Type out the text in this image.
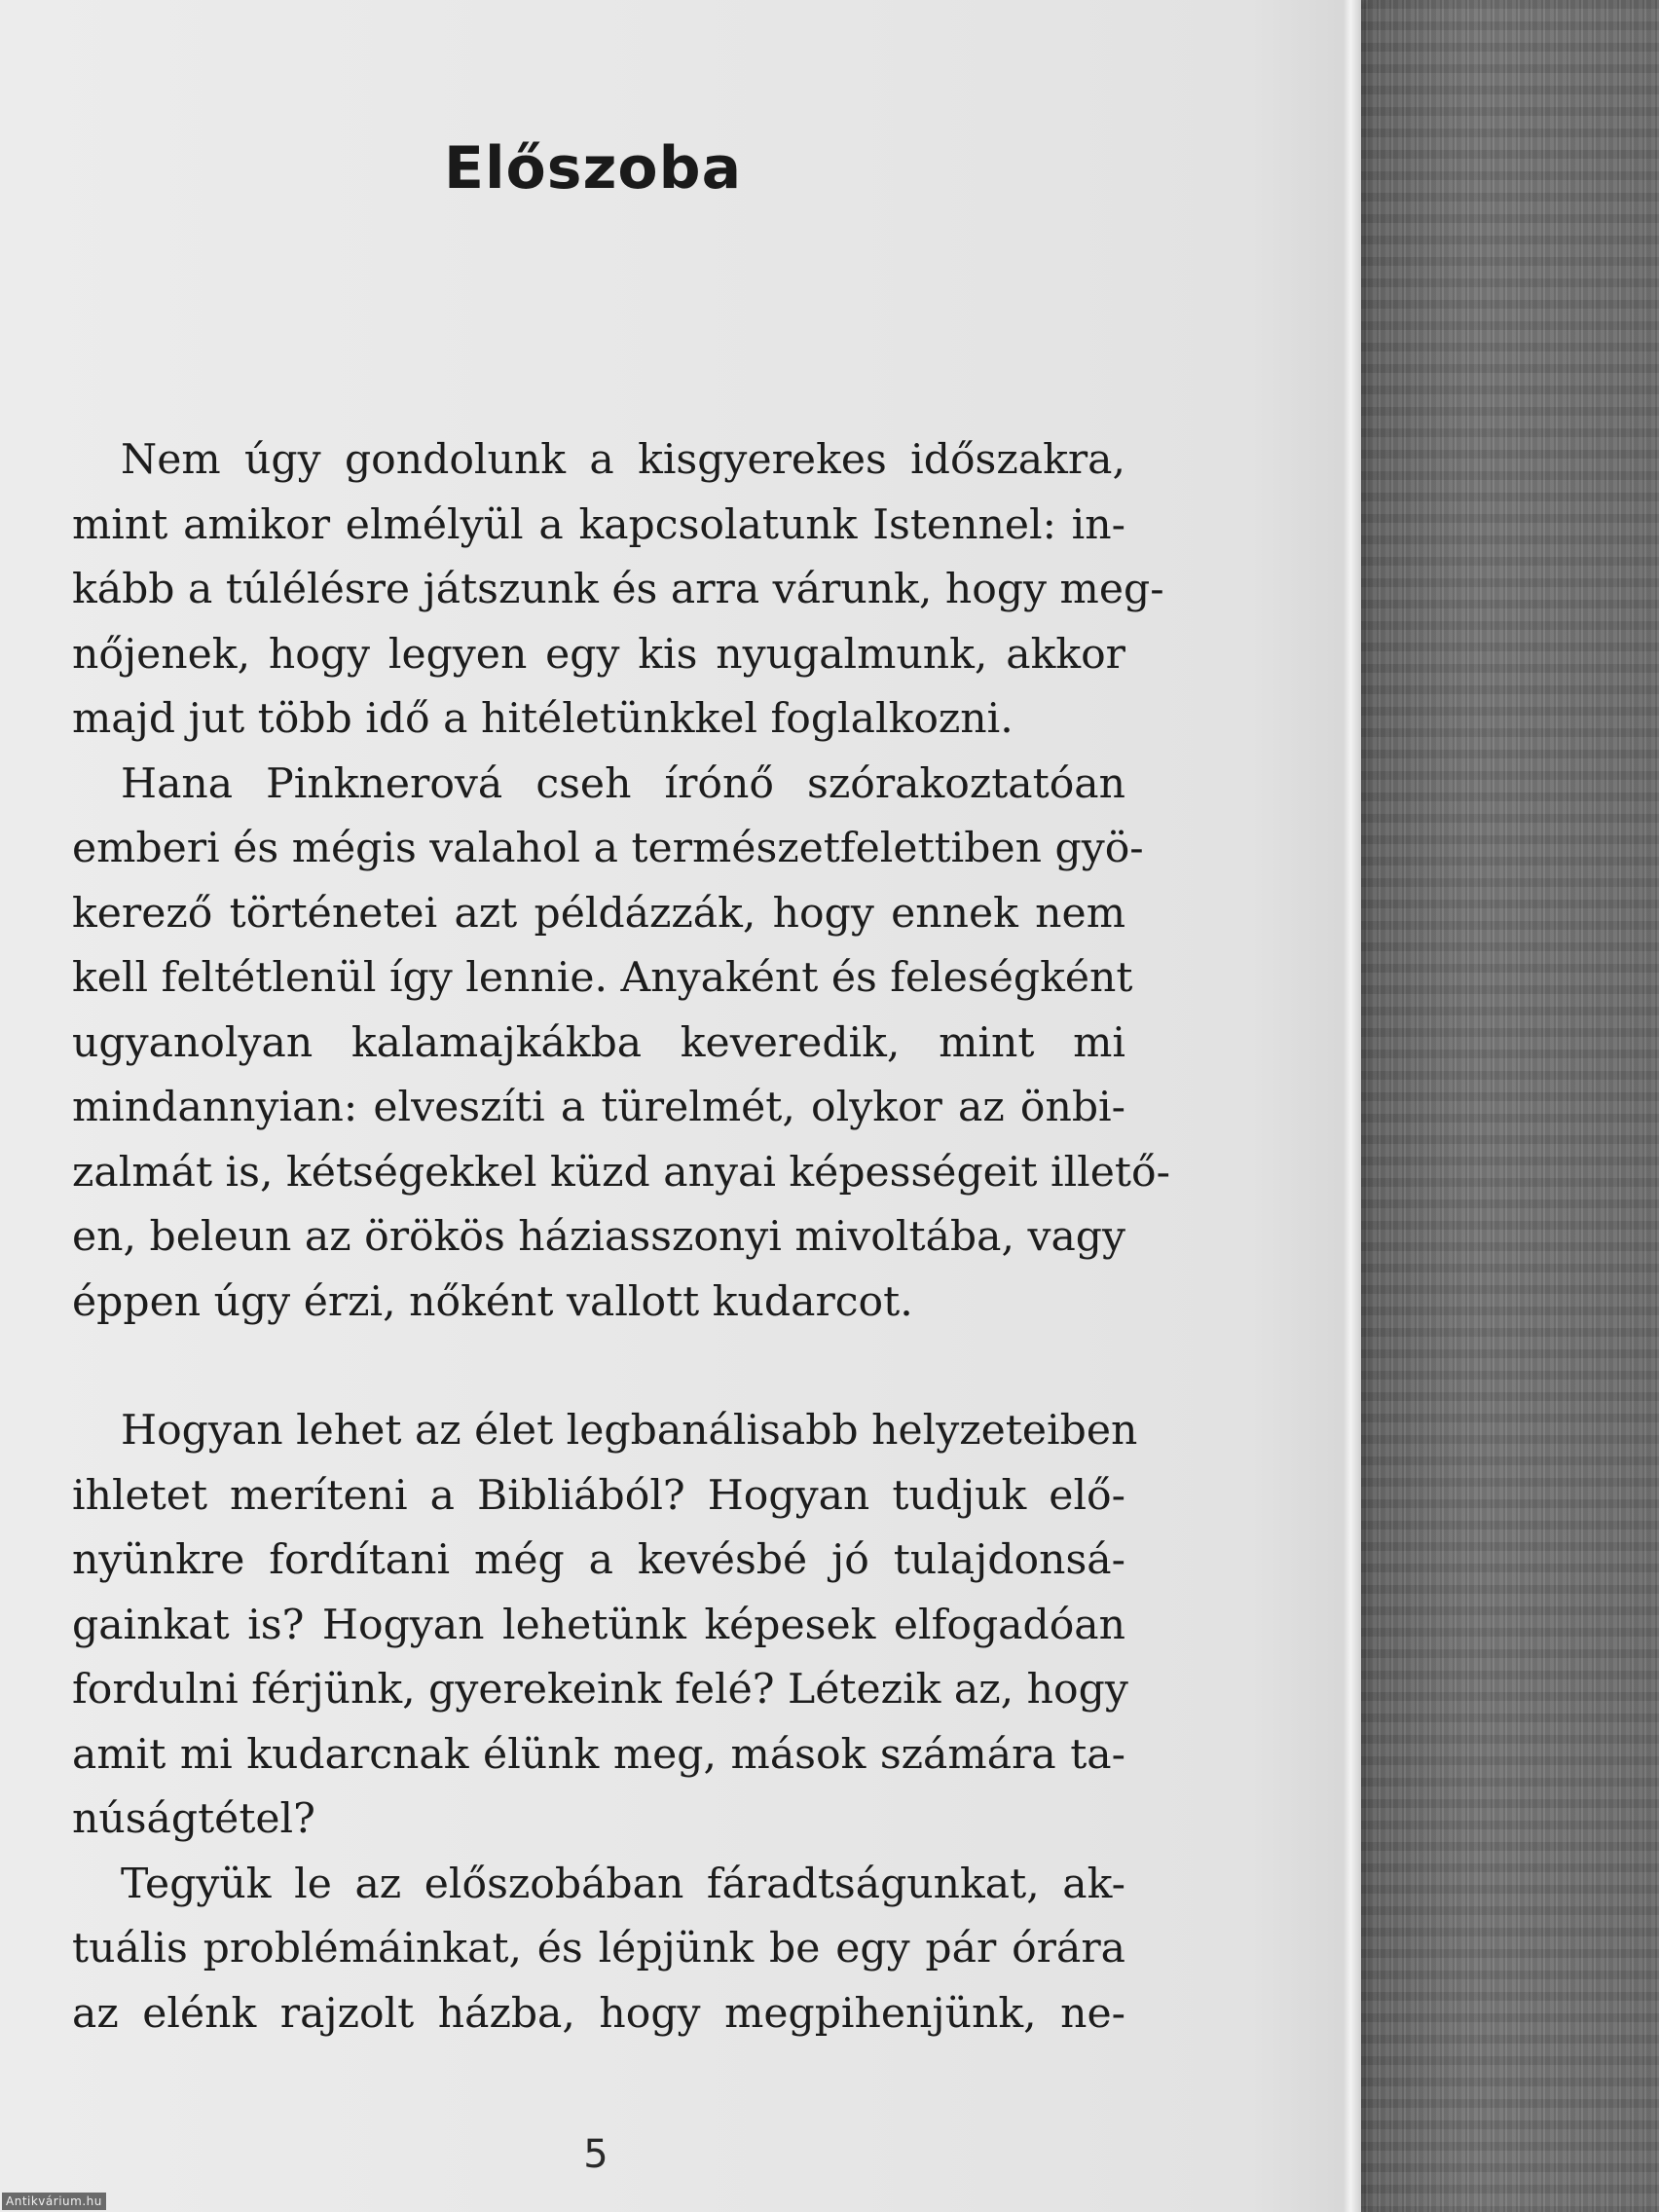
Előszoba
Nem úgy gondolunk a kisgyerekes időszakra,
mint amikor elmélyül a kapcsolatunk Istennel: in-
kább a túlélésre játszunk és arra várunk, hogy meg-
nőjenek, hogy legyen egy kis nyugalmunk, akkor
majd jut több idő a hitéletünkkel foglalkozni.
Hana Pinknerová cseh írónő szórakoztatóan
emberi és mégis valahol a természetfelettiben gyö-
kerező történetei azt példázzák, hogy ennek nem
kell feltétlenül így lennie. Anyaként és feleségként
ugyanolyan kalamajkákba keveredik, mint mi
mindannyian: elveszíti a türelmét, olykor az önbi-
zalmát is, kétségekkel küzd anyai képességeit illető-
en, beleun az örökös háziasszonyi mivoltába, vagy
éppen úgy érzi, nőként vallott kudarcot.
Hogyan lehet az élet legbanálisabb helyzeteiben
ihletet meríteni a Bibliából? Hogyan tudjuk elő-
nyünkre fordítani még a kevésbé jó tulajdonsá-
gainkat is? Hogyan lehetünk képesek elfogadóan
fordulni férjünk, gyerekeink felé? Létezik az, hogy
amit mi kudarcnak élünk meg, mások számára ta-
núságtétel?
Tegyük le az előszobában fáradtságunkat, ak-
tuális problémáinkat, és lépjünk be egy pár órára
az elénk rajzolt házba, hogy megpihenjünk, ne-
5
Antikvárium.hu
